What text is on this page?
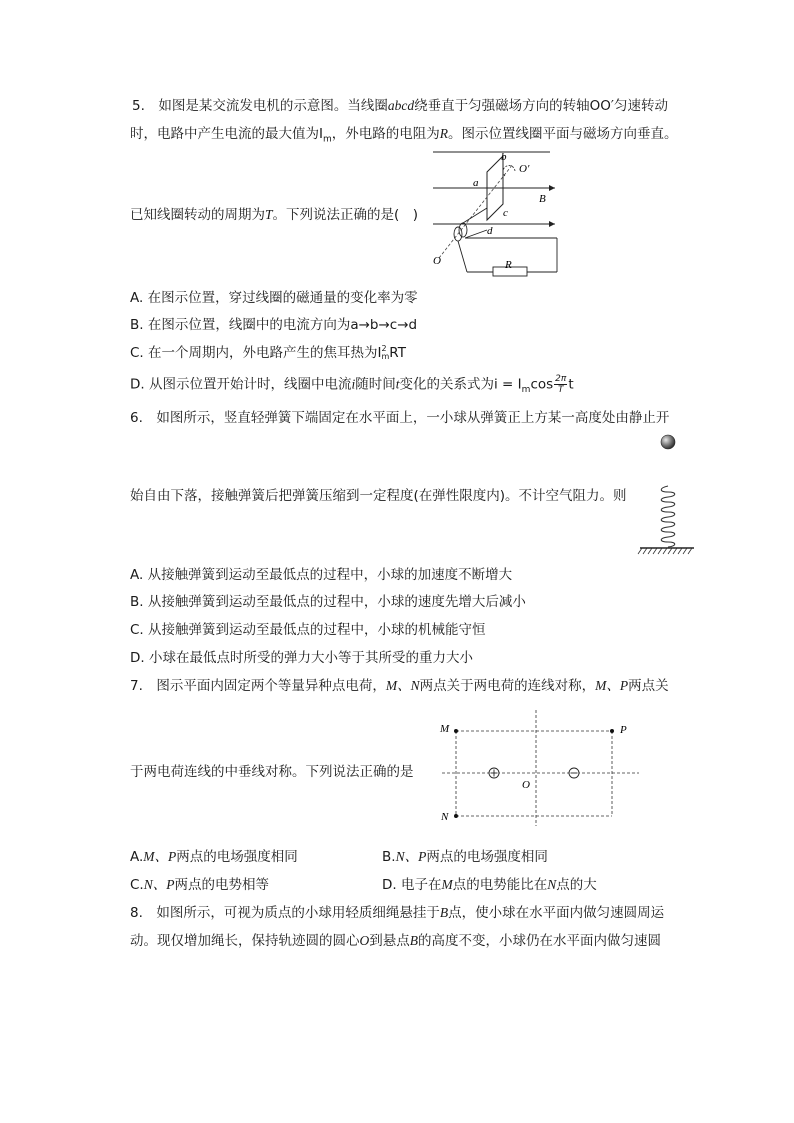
5.　如图是某交流发电机的示意图。当线圈abcd绕垂直于匀强磁场方向的转轴OO′匀速转动
时，电路中产生电流的最大值为$I_m$，外电路的电阻为R。图示位置线圈平面与磁场方向垂直。
已知线圈转动的周期为T。下列说法正确的是(　)
b
O′
a
B
c
d
O	R
A. 在图示位置，穿过线圈的磁通量的变化率为零
B. 在图示位置，线圈中的电流方向为a→b→c→d
C. 在一个周期内，外电路产生的焦耳热为I 2
m RT
D. 从图示位置开始计时，线圈中电流i随时间t变化的关系式为$i = I_m\cos \frac{2\pi}{T}$ t
6.　如图所示，竖直轻弹簧下端固定在水平面上，一小球从弹簧正上方某一高度处由静止开
始自由下落，接触弹簧后把弹簧压缩到一定程度(在弹性限度内)。不计空气阻力。则
A. 从接触弹簧到运动至最低点的过程中，小球的加速度不断增大
B. 从接触弹簧到运动至最低点的过程中，小球的速度先增大后减小
C. 从接触弹簧到运动至最低点的过程中，小球的机械能守恒
D. 小球在最低点时所受的弹力大小等于其所受的重力大小
7.　图示平面内固定两个等量异种点电荷，M、N两点关于两电荷的连线对称，M、P两点关
于两电荷连线的中垂线对称。下列说法正确的是
M	P
O
N
A.M、P两点的电场强度相同	B.N、P两点的电场强度相同
C.N、P两点的电势相等	D. 电子在M点的电势能比在N点的大
8.　如图所示，可视为质点的小球用轻质细绳悬挂于B点，使小球在水平面内做匀速圆周运
动。现仅增加绳长，保持轨迹圆的圆心O到悬点B的高度不变，小球仍在水平面内做匀速圆
